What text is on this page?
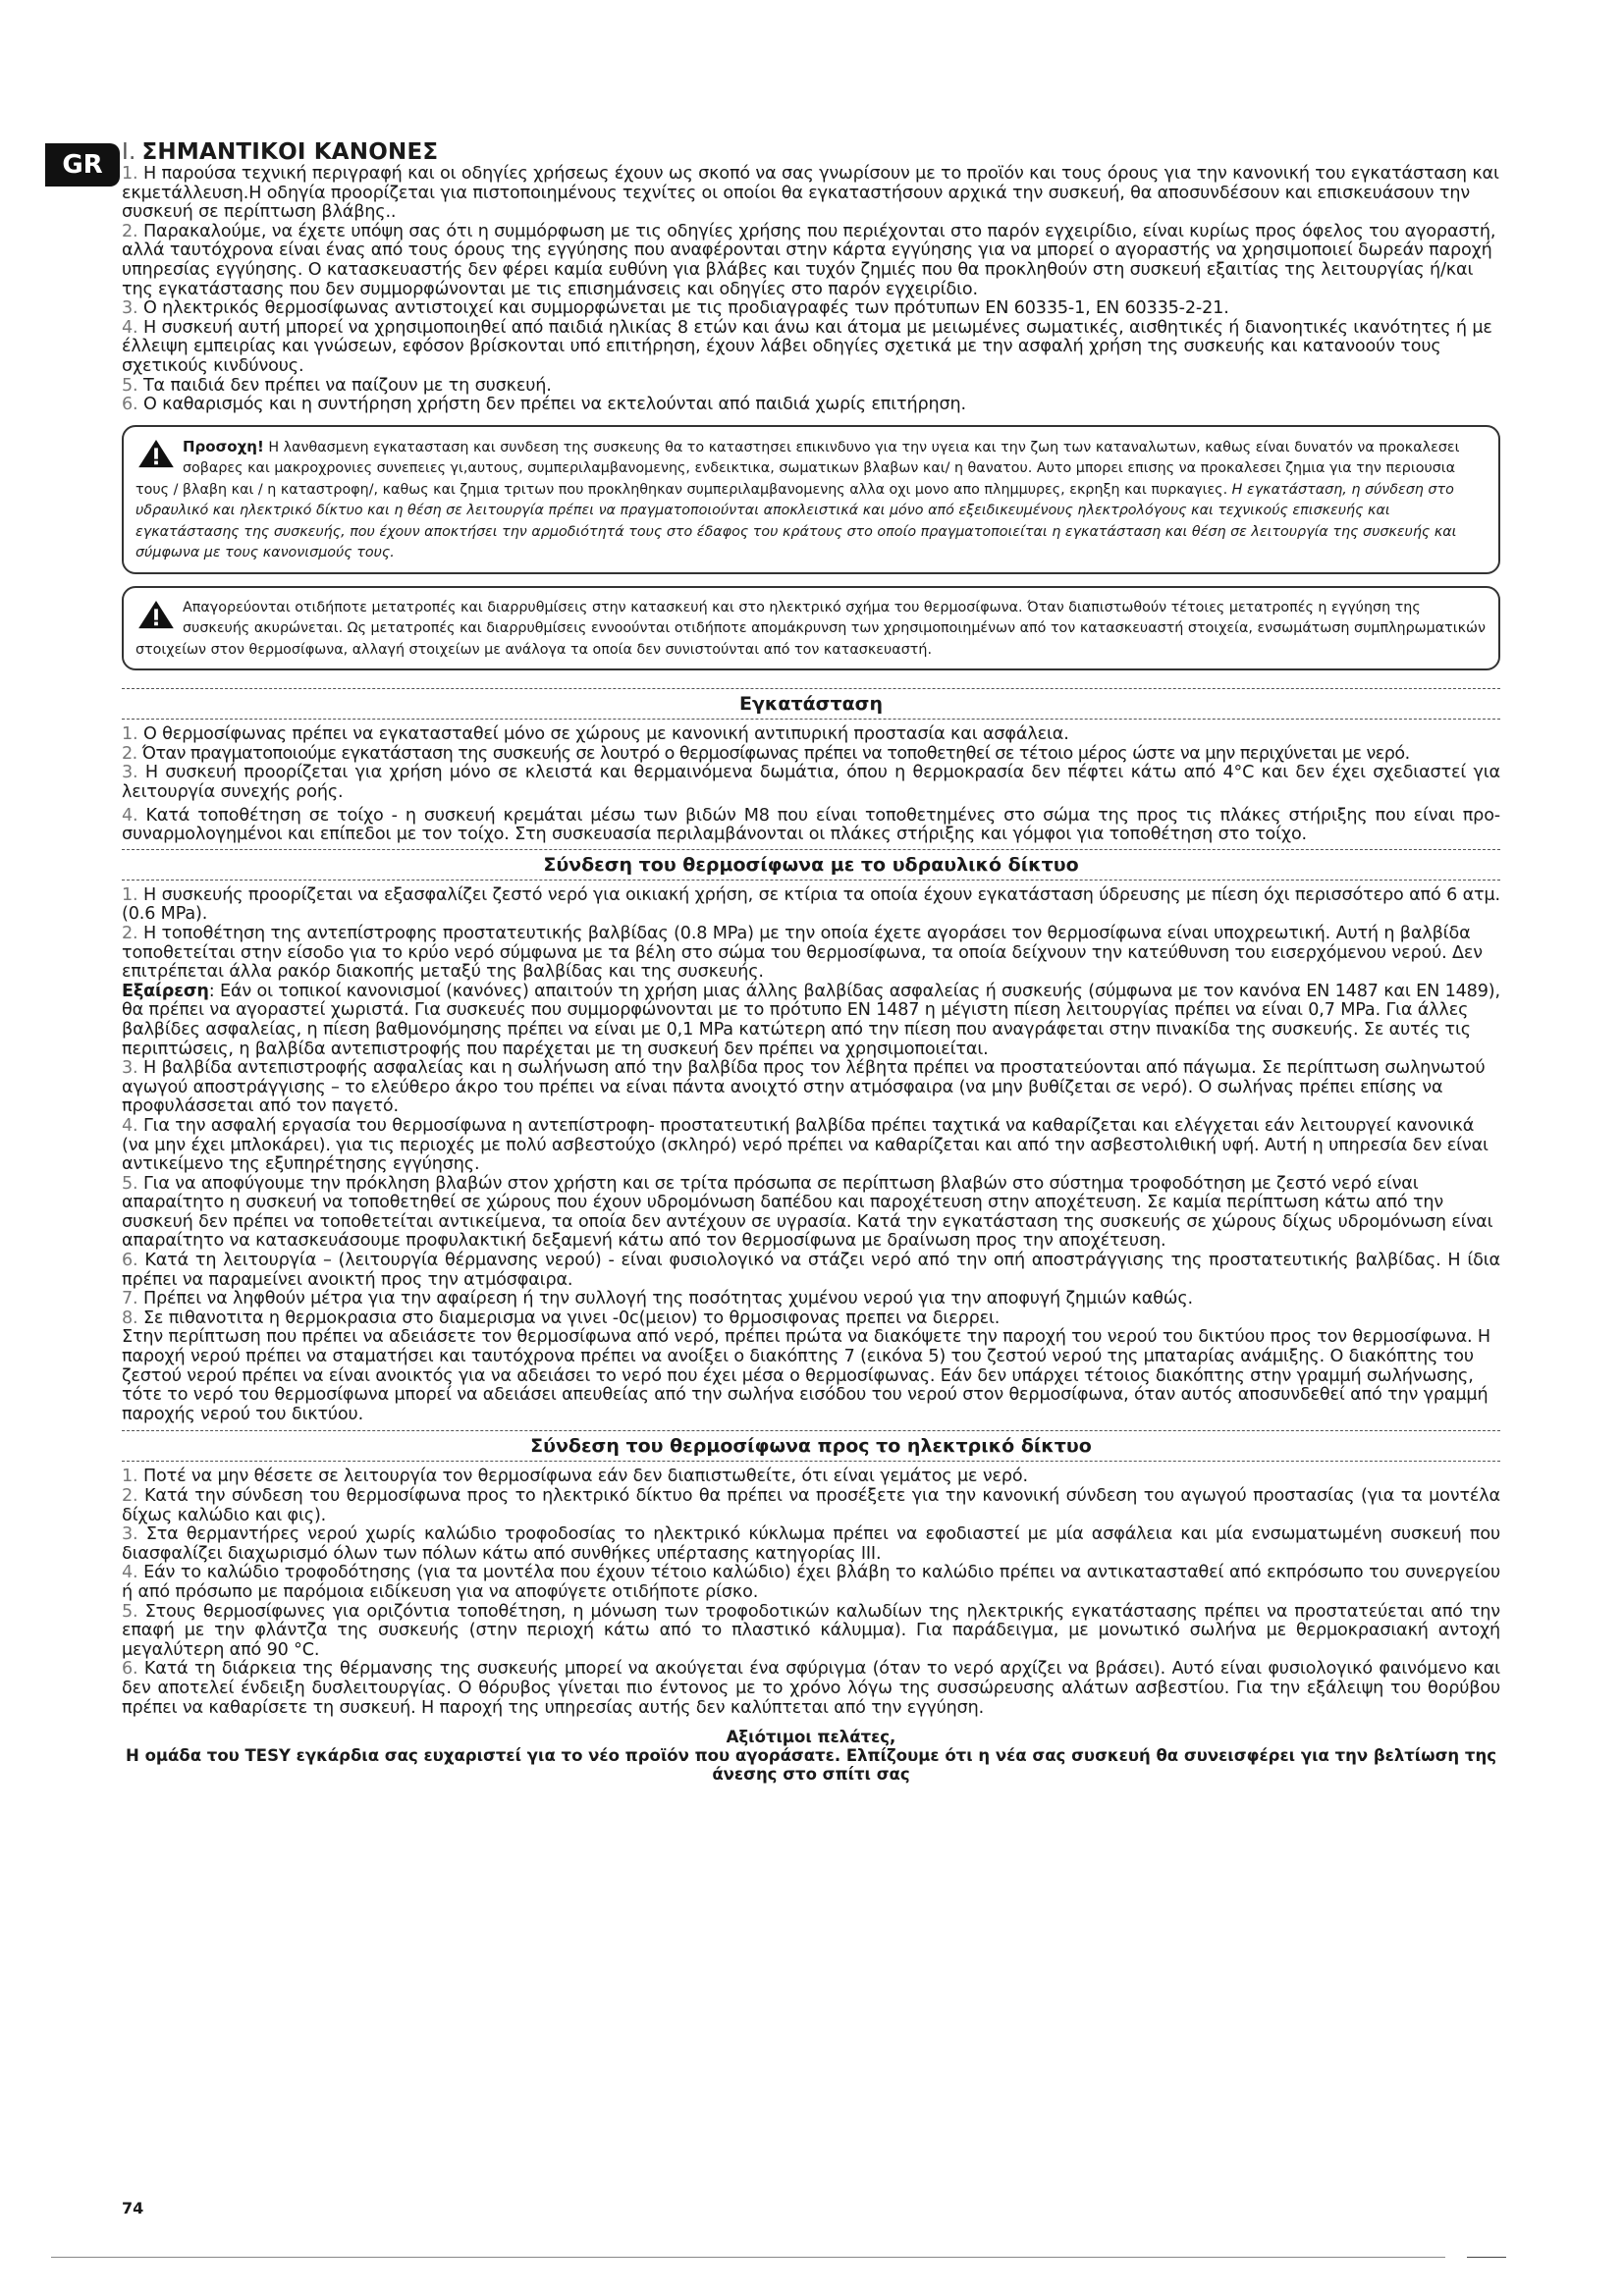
GR I. ΣΗΜΑΝΤΙΚΟΙ ΚΑΝΟΝΕΣ

1. Η παρούσα τεχνική περιγραφή και οι οδηγίες χρήσεως έχουν ως σκοπό να σας γνωρίσουν με το προϊόν και τους όρους για την κανονική του εγκατάσταση και εκμετάλλευση.Η οδηγία προορίζεται για πιστοποιημένους τεχνίτες οι οποίοι θα εγκαταστήσουν αρχικά την συσκευή, θα αποσυνδέσουν και επισκευάσουν την συσκευή σε περίπτωση βλάβης..

2. Παρακαλούμε, να έχετε υπόψη σας ότι η συμμόρφωση με τις οδηγίες χρήσης που περιέχονται στο παρόν εγχειρίδιο, είναι κυρίως προς όφελος του αγοραστή, αλλά ταυτόχρονα είναι ένας από τους όρους της εγγύησης που αναφέρονται στην κάρτα εγγύησης για να μπορεί ο αγοραστής να χρησιμοποιεί δωρεάν παροχή υπηρεσίας εγγύησης. Ο κατασκευαστής δεν φέρει καμία ευθύνη για βλάβες και τυχόν ζημιές που θα προκληθούν στη συσκευή εξαιτίας της λειτουργίας ή/και της εγκατάστασης που δεν συμμορφώνονται με τις επισημάνσεις και οδηγίες στο παρόν εγχειρίδιο.

3. Ο ηλεκτρικός θερμοσίφωνας αντιστοιχεί και συμμορφώνεται με τις προδιαγραφές των πρότυπων EN 60335-1, EN 60335-2-21.

4. Η συσκευή αυτή μπορεί να χρησιμοποιηθεί από παιδιά ηλικίας 8 ετών και άνω και άτομα με μειωμένες σωματικές, αισθητικές ή διανοητικές ικανότητες ή με έλλειψη εμπειρίας και γνώσεων, εφόσον βρίσκονται υπό επιτήρηση, έχουν λάβει οδηγίες σχετικά με την ασφαλή χρήση της συσκευής και κατανοούν τους σχετικούς κινδύνους.

5. Τα παιδιά δεν πρέπει να παίζουν με τη συσκευή.

6. Ο καθαρισμός και η συντήρηση χρήστη δεν πρέπει να εκτελούνται από παιδιά χωρίς επιτήρηση.

Προσοχη! Η λανθασμενη εγκατασταση και συνδεση της συσκευης θα το καταστησει επικινδυνο για την υγεια και την ζωη των καταναλωτων, καθως είναι δυνατόν να προκαλεσει σοβαρες και μακροχρονιες συνεπειες γι,αυτους, συμπεριλαμβανομενης, ενδεικτικα, σωματικων βλαβων και/ η θανατου. Αυτο μπορει επισης να προκαλεσει ζημια για την περιουσια τους / βλαβη και / η καταστροφη/, καθως και ζημια τριτων που προκληθηκαν συμπεριλαμβανομενης αλλα οχι μονο απο πλημμυρες, εκρηξη και πυρκαγιες. Η εγκατάσταση, η σύνδεση στο υδραυλικό και ηλεκτρικό δίκτυο και η θέση σε λειτουργία πρέπει να πραγματοποιούνται αποκλειστικά και μόνο από εξειδικευμένους ηλεκτρολόγους και τεχνικούς επισκευής και εγκατάστασης της συσκευής, που έχουν αποκτήσει την αρμοδιότητά τους στο έδαφος του κράτους στο οποίο πραγματοποιείται η εγκατάσταση και θέση σε λειτουργία της συσκευής και σύμφωνα με τους κανονισμούς τους.
Απαγορεύονται οτιδήποτε μετατροπές και διαρρυθμίσεις στην κατασκευή και στο ηλεκτρικό σχήμα του θερμοσίφωνα. Όταν διαπιστωθούν τέτοιες μετατροπές η εγγύηση της συσκευής ακυρώνεται. Ως μετατροπές και διαρρυθμίσεις εννοούνται οτιδήποτε απομάκρυνση των χρησιμοποιημένων από τον κατασκευαστή στοιχεία, ενσωμάτωση συμπληρωματικών στοιχείων στον θερμοσίφωνα, αλλαγή στοιχείων με ανάλογα τα οποία δεν συνιστούνται από τον κατασκευαστή.
Εγκατάσταση

1. Ο θερμοσίφωνας πρέπει να εγκατασταθεί μόνο σε χώρους με κανονική αντιπυρική προστασία και ασφάλεια.

2. Όταν πραγματοποιούμε εγκατάσταση της συσκευής σε λουτρό ο θερμοσίφωνας πρέπει να τοποθετηθεί σε τέτοιο μέρος ώστε να μην περιχύνεται με νερό.

3. Η συσκευή προορίζεται για χρήση μόνο σε κλειστά και θερμαινόμενα δωμάτια, όπου η θερμοκρασία δεν πέφτει κάτω από 4°C και δεν έχει σχεδιαστεί για λειτουργία συνεχής ροής.

4. Κατά τοποθέτηση σε τοίχο - η συσκευή κρεμάται μέσω των βιδών M8 που είναι τοποθετημένες στο σώμα της προς τις πλάκες στήριξης που είναι προ-συναρμολογημένοι και επίπεδοι με τον τοίχο. Στη συσκευασία περιλαμβάνονται οι πλάκες στήριξης και γόμφοι για τοποθέτηση στο τοίχο.

Σύνδεση του θερμοσίφωνα με το υδραυλικό δίκτυο

1. Η συσκευής προορίζεται να εξασφαλίζει ζεστό νερό για οικιακή χρήση, σε κτίρια τα οποία έχουν εγκατάσταση ύδρευσης με πίεση όχι περισσότερο από 6 ατμ. (0.6 MPa).

2. Η τοποθέτηση της αντεπίστροφης προστατευτικής βαλβίδας (0.8 MPa) με την οποία έχετε αγοράσει τον θερμοσίφωνα είναι υποχρεωτική. Αυτή η βαλβίδα τοποθετείται στην είσοδο για το κρύο νερό σύμφωνα με τα βέλη στο σώμα του θερμοσίφωνα, τα οποία δείχνουν την κατεύθυνση του εισερχόμενου νερού. Δεν επιτρέπεται άλλα ρακόρ διακοπής μεταξύ της βαλβίδας και της συσκευής.

Εξαίρεση: Εάν οι τοπικοί κανονισμοί (κανόνες) απαιτούν τη χρήση μιας άλλης βαλβίδας ασφαλείας ή συσκευής (σύμφωνα με τον κανόνα EN 1487 και EN 1489), θα πρέπει να αγοραστεί χωριστά. Για συσκευές που συμμορφώνονται με το πρότυπο EN 1487 η μέγιστη πίεση λειτουργίας πρέπει να είναι 0,7 MPa. Για άλλες βαλβίδες ασφαλείας, η πίεση βαθμονόμησης πρέπει να είναι με 0,1 MPa κατώτερη από την πίεση που αναγράφεται στην πινακίδα της συσκευής. Σε αυτές τις περιπτώσεις, η βαλβίδα αντεπιστροφής που παρέχεται με τη συσκευή δεν πρέπει να χρησιμοποιείται.

3. Η βαλβίδα αντεπιστροφής ασφαλείας και η σωλήνωση από την βαλβίδα προς τον λέβητα πρέπει να προστατεύονται από πάγωμα. Σε περίπτωση σωληνωτού αγωγού αποστράγγισης – το ελεύθερο άκρο του πρέπει να είναι πάντα ανοιχτό στην ατμόσφαιρα (να μην βυθίζεται σε νερό). Ο σωλήνας πρέπει επίσης να προφυλάσσεται από τον παγετό.

4. Για την ασφαλή εργασία του θερμοσίφωνα η αντεπίστροφη- προστατευτική βαλβίδα πρέπει ταχτικά να καθαρίζεται και ελέγχεται εάν λειτουργεί κανονικά (να μην έχει μπλοκάρει). για τις περιοχές με πολύ ασβεστούχο (σκληρό) νερό πρέπει να καθαρίζεται και από την ασβεστολιθική υφή. Αυτή η υπηρεσία δεν είναι αντικείμενο της εξυπηρέτησης εγγύησης.

5. Για να αποφύγουμε την πρόκληση βλαβών στον χρήστη και σε τρίτα πρόσωπα σε περίπτωση βλαβών στο σύστημα τροφοδότηση με ζεστό νερό είναι απαραίτητο η συσκευή να τοποθετηθεί σε χώρους που έχουν υδρομόνωση δαπέδου και παροχέτευση στην αποχέτευση. Σε καμία περίπτωση κάτω από την συσκευή δεν πρέπει να τοποθετείται αντικείμενα, τα οποία δεν αντέχουν σε υγρασία. Κατά την εγκατάσταση της συσκευής σε χώρους δίχως υδρομόνωση είναι απαραίτητο να κατασκευάσουμε προφυλακτική δεξαμενή κάτω από τον θερμοσίφωνα με δραίνωση προς την αποχέτευση.

6. Κατά τη λειτουργία – (λειτουργία θέρμανσης νερού) - είναι φυσιολογικό να στάζει νερό από την οπή αποστράγγισης της προστατευτικής βαλβίδας. Η ίδια πρέπει να παραμείνει ανοικτή προς την ατμόσφαιρα.

7. Πρέπει να ληφθούν μέτρα για την αφαίρεση ή την συλλογή της ποσότητας χυμένου νερού για την αποφυγή ζημιών καθώς.

8. Σε πιθανοτιτα η θερμοκρασια στο διαμερισμα να γινει -0c(μειον) το θρμοσιφονας πρεπει να διερρει.

Στην περίπτωση που πρέπει να αδειάσετε τον θερμοσίφωνα από νερό, πρέπει πρώτα να διακόψετε την παροχή του νερού του δικτύου προς τον θερμοσίφωνα. Η παροχή νερού πρέπει να σταματήσει και ταυτόχρονα πρέπει να ανοίξει ο διακόπτης 7 (εικόνα 5) του ζεστού νερού της μπαταρίας ανάμιξης. Ο διακόπτης του ζεστού νερού πρέπει να είναι ανοικτός για να αδειάσει το νερό που έχει μέσα ο θερμοσίφωνας. Εάν δεν υπάρχει τέτοιος διακόπτης στην γραμμή σωλήνωσης, τότε το νερό του θερμοσίφωνα μπορεί να αδειάσει απευθείας από την σωλήνα εισόδου του νερού στον θερμοσίφωνα, όταν αυτός αποσυνδεθεί από την γραμμή παροχής νερού του δικτύου.

Σύνδεση του θερμοσίφωνα προς το ηλεκτρικό δίκτυο

1. Ποτέ να μην θέσετε σε λειτουργία τον θερμοσίφωνα εάν δεν διαπιστωθείτε, ότι είναι γεμάτος με νερό.

2. Κατά την σύνδεση του θερμοσίφωνα προς το ηλεκτρικό δίκτυο θα πρέπει να προσέξετε για την κανονική σύνδεση του αγωγού προστασίας (για τα μοντέλα δίχως καλώδιο και φις).

3. Στα θερμαντήρες νερού χωρίς καλώδιο τροφοδοσίας το ηλεκτρικό κύκλωμα πρέπει να εφοδιαστεί με μία ασφάλεια και μία ενσωματωμένη συσκευή που διασφαλίζει διαχωρισμό όλων των πόλων κάτω από συνθήκες υπέρτασης κατηγορίας ΙΙΙ.

4. Εάν το καλώδιο τροφοδότησης (για τα μοντέλα που έχουν τέτοιο καλώδιο) έχει βλάβη το καλώδιο πρέπει να αντικατασταθεί από εκπρόσωπο του συνεργείου ή από πρόσωπο με παρόμοια ειδίκευση για να αποφύγετε οτιδήποτε ρίσκο.

5. Στους θερμοσίφωνες για οριζόντια τοποθέτηση, η μόνωση των τροφοδοτικών καλωδίων της ηλεκτρικής εγκατάστασης πρέπει να προστατεύεται από την επαφή με την φλάντζα της συσκευής (στην περιοχή κάτω από το πλαστικό κάλυμμα). Για παράδειγμα, με μονωτικό σωλήνα με θερμοκρασιακή αντοχή μεγαλύτερη από 90 °С.

6. Κατά τη διάρκεια της θέρμανσης της συσκευής μπορεί να ακούγεται ένα σφύριγμα (όταν το νερό αρχίζει να βράσει). Αυτό είναι φυσιολογικό φαινόμενο και δεν αποτελεί ένδειξη δυσλειτουργίας. Ο θόρυβος γίνεται πιο έντονος με το χρόνο λόγω της συσσώρευσης αλάτων ασβεστίου. Για την εξάλειψη του θορύβου πρέπει να καθαρίσετε τη συσκευή. Η παροχή της υπηρεσίας αυτής δεν καλύπτεται από την εγγύηση.

Αξιότιμοι πελάτες,
Η ομάδα του TESY εγκάρδια σας ευχαριστεί για το νέο προϊόν που αγοράσατε. Ελπίζουμε ότι η νέα σας συσκευή θα συνεισφέρει για την βελτίωση της άνεσης στο σπίτι σας
74
